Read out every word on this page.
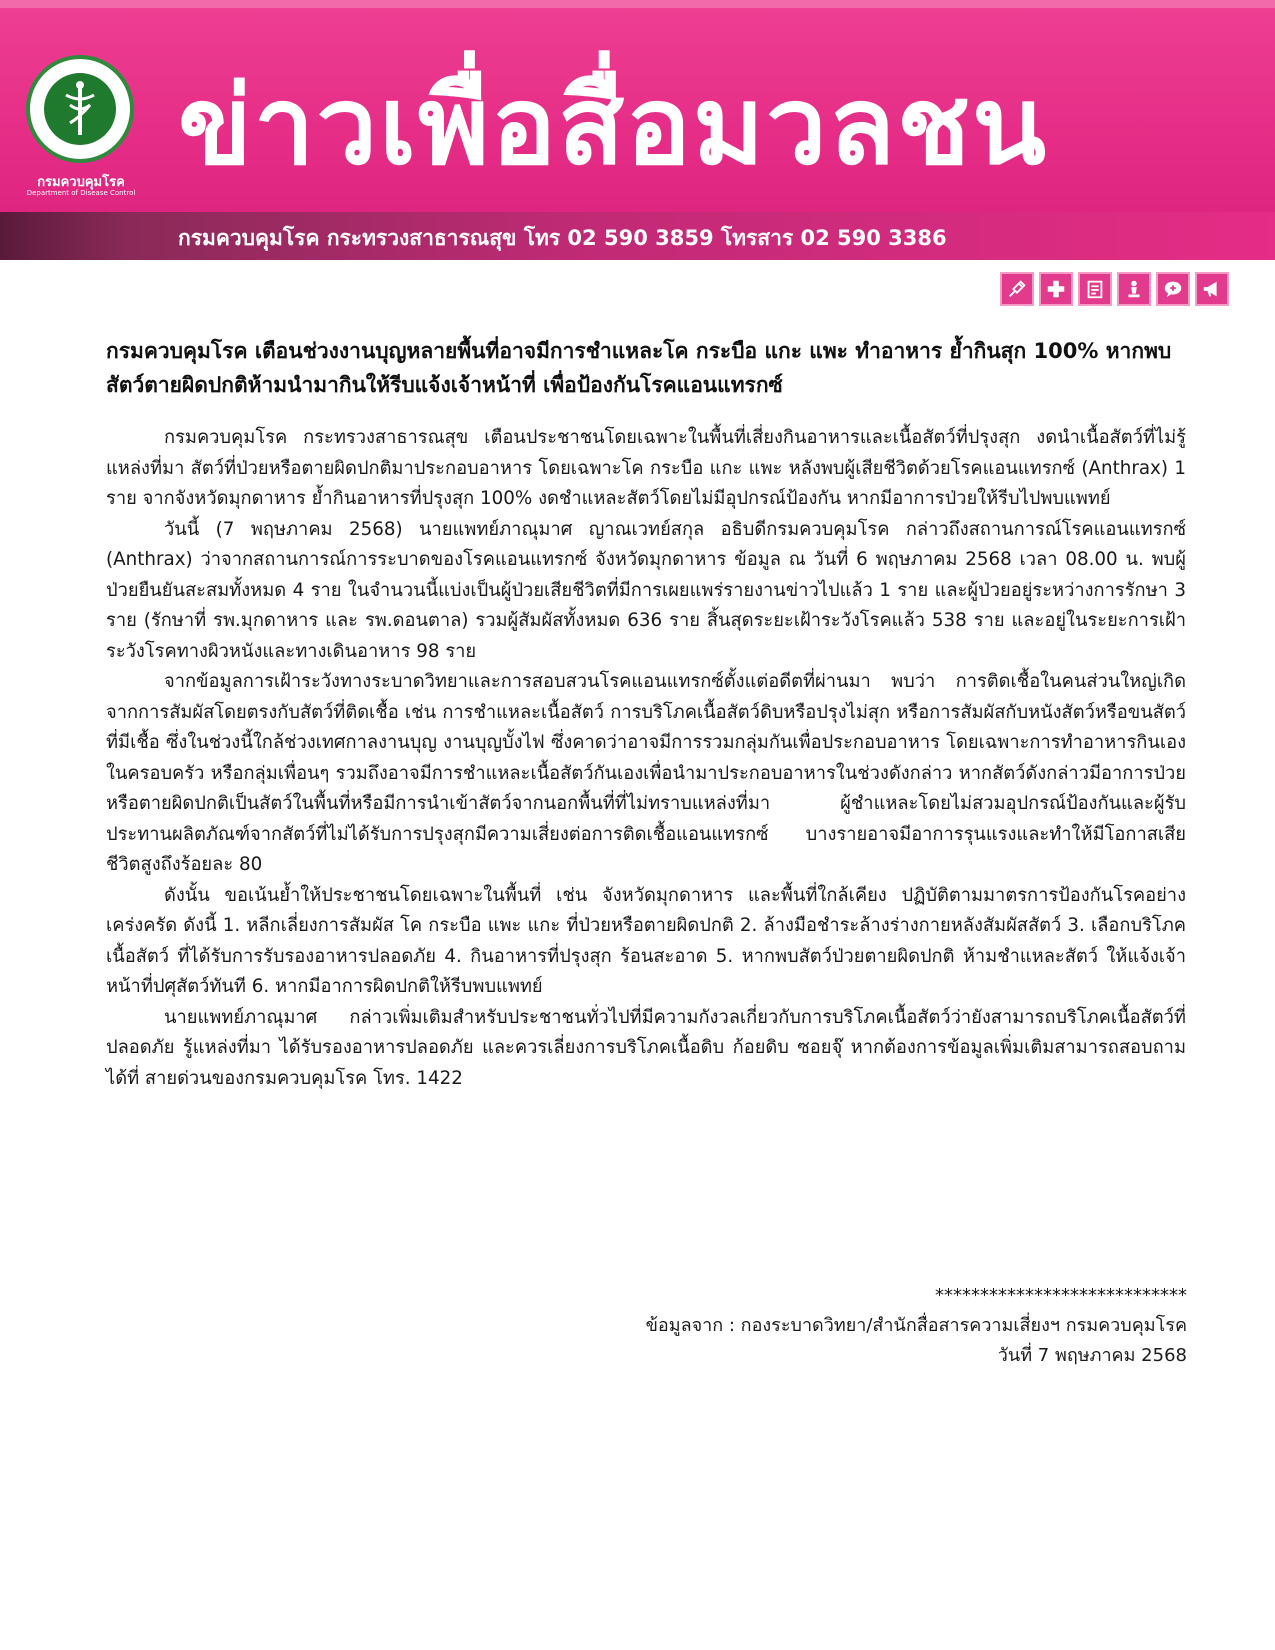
กรมควบคุมโรค
Department of Disease Control
ข่าวเพื่อสื่อมวลชน
กรมควบคุมโรค กระทรวงสาธารณสุข โทร 02 590 3859 โทรสาร 02 590 3386
กรมควบคุมโรค เตือนช่วงงานบุญหลายพื้นที่อาจมีการชำแหละโค กระบือ แกะ แพะ ทำอาหาร ย้ำกินสุก 100% หากพบสัตว์ตายผิดปกติห้ามนำมากินให้รีบแจ้งเจ้าหน้าที่ เพื่อป้องกันโรคแอนแทรกซ์

กรมควบคุมโรค กระทรวงสาธารณสุข เตือนประชาชนโดยเฉพาะในพื้นที่เสี่ยงกินอาหารและเนื้อสัตว์ที่ปรุงสุก งดนำเนื้อสัตว์ที่ไม่รู้แหล่งที่มา สัตว์ที่ป่วยหรือตายผิดปกติมาประกอบอาหาร โดยเฉพาะโค กระบือ แกะ แพะ หลังพบผู้เสียชีวิตด้วยโรคแอนแทรกซ์ (Anthrax) 1 ราย จากจังหวัดมุกดาหาร ย้ำกินอาหารที่ปรุงสุก 100% งดชำแหละสัตว์โดยไม่มีอุปกรณ์ป้องกัน หากมีอาการป่วยให้รีบไปพบแพทย์

วันนี้ (7 พฤษภาคม 2568) นายแพทย์ภาณุมาศ ญาณเวทย์สกุล อธิบดีกรมควบคุมโรค กล่าวถึงสถานการณ์โรคแอนแทรกซ์ (Anthrax) ว่าจากสถานการณ์การระบาดของโรคแอนแทรกซ์ จังหวัดมุกดาหาร ข้อมูล ณ วันที่ 6 พฤษภาคม 2568 เวลา 08.00 น. พบผู้ป่วยยืนยันสะสมทั้งหมด 4 ราย ในจำนวนนี้แบ่งเป็นผู้ป่วยเสียชีวิตที่มีการเผยแพร่รายงานข่าวไปแล้ว 1 ราย และผู้ป่วยอยู่ระหว่างการรักษา 3 ราย (รักษาที่ รพ.มุกดาหาร และ รพ.ดอนตาล) รวมผู้สัมผัสทั้งหมด 636 ราย สิ้นสุดระยะเฝ้าระวังโรคแล้ว 538 ราย และอยู่ในระยะการเฝ้าระวังโรคทางผิวหนังและทางเดินอาหาร 98 ราย

จากข้อมูลการเฝ้าระวังทางระบาดวิทยาและการสอบสวนโรคแอนแทรกซ์ตั้งแต่อดีตที่ผ่านมา พบว่า การติดเชื้อในคนส่วนใหญ่เกิดจากการสัมผัสโดยตรงกับสัตว์ที่ติดเชื้อ เช่น การชำแหละเนื้อสัตว์ การบริโภคเนื้อสัตว์ดิบหรือปรุงไม่สุก หรือการสัมผัสกับหนังสัตว์หรือขนสัตว์ที่มีเชื้อ ซึ่งในช่วงนี้ใกล้ช่วงเทศกาลงานบุญ งานบุญบั้งไฟ ซึ่งคาดว่าอาจมีการรวมกลุ่มกันเพื่อประกอบอาหาร โดยเฉพาะการทำอาหารกินเองในครอบครัว หรือกลุ่มเพื่อนๆ รวมถึงอาจมีการชำแหละเนื้อสัตว์กันเองเพื่อนำมาประกอบอาหารในช่วงดังกล่าว หากสัตว์ดังกล่าวมีอาการป่วยหรือตายผิดปกติเป็นสัตว์ในพื้นที่หรือมีการนำเข้าสัตว์จากนอกพื้นที่ที่ไม่ทราบแหล่งที่มา ผู้ชำแหละโดยไม่สวมอุปกรณ์ป้องกันและผู้รับประทานผลิตภัณฑ์จากสัตว์ที่ไม่ได้รับการปรุงสุกมีความเสี่ยงต่อการติดเชื้อแอนแทรกซ์ บางรายอาจมีอาการรุนแรงและทำให้มีโอกาสเสียชีวิตสูงถึงร้อยละ 80

ดังนั้น ขอเน้นย้ำให้ประชาชนโดยเฉพาะในพื้นที่ เช่น จังหวัดมุกดาหาร และพื้นที่ใกล้เคียง ปฏิบัติตามมาตรการป้องกันโรคอย่างเคร่งครัด ดังนี้ 1. หลีกเลี่ยงการสัมผัส โค กระบือ แพะ แกะ ที่ป่วยหรือตายผิดปกติ 2. ล้างมือชำระล้างร่างกายหลังสัมผัสสัตว์ 3. เลือกบริโภคเนื้อสัตว์ ที่ได้รับการรับรองอาหารปลอดภัย 4. กินอาหารที่ปรุงสุก ร้อนสะอาด 5. หากพบสัตว์ป่วยตายผิดปกติ ห้ามชำแหละสัตว์ ให้แจ้งเจ้าหน้าที่ปศุสัตว์ทันที 6. หากมีอาการผิดปกติให้รีบพบแพทย์

นายแพทย์ภาณุมาศ กล่าวเพิ่มเติมสำหรับประชาชนทั่วไปที่มีความกังวลเกี่ยวกับการบริโภคเนื้อสัตว์ว่ายังสามารถบริโภคเนื้อสัตว์ที่ปลอดภัย รู้แหล่งที่มา ได้รับรองอาหารปลอดภัย และควรเลี่ยงการบริโภคเนื้อดิบ ก้อยดิบ ซอยจุ๊ หากต้องการข้อมูลเพิ่มเติมสามารถสอบถามได้ที่ สายด่วนของกรมควบคุมโรค โทร. 1422

****************************
ข้อมูลจาก : กองระบาดวิทยา/สำนักสื่อสารความเสี่ยงฯ กรมควบคุมโรค
วันที่ 7 พฤษภาคม 2568
